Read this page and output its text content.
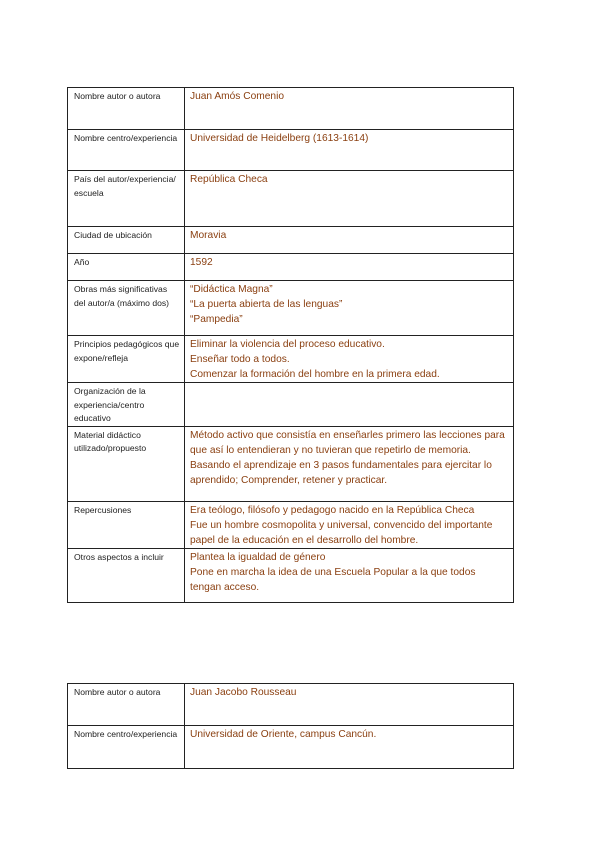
Nombre autor o autora	Juan Amós Comenio

Nombre centro/experiencia	Universidad de Heidelberg (1613-1614)

País del autor/experiencia/ escuela	República Checa

Ciudad de ubicación	Moravia

Año	1592

Obras más significativas del autor/a (máximo dos)	“Didáctica Magna”
“La puerta abierta de las lenguas”
“Pampedia”

Principios pedagógicos que expone/refleja	Eliminar la violencia del proceso educativo.
Enseñar todo a todos.
Comenzar la formación del hombre en la primera edad.

Organización de la experiencia/centro educativo	

Material didáctico utilizado/propuesto	Método activo que consistía en enseñarles primero las lecciones para que así lo entendieran y no tuvieran que repetirlo de memoria.
Basando el aprendizaje en 3 pasos fundamentales para ejercitar lo aprendido; Comprender, retener y practicar.

Repercusiones	Era teólogo, filósofo y pedagogo nacido en la República Checa
Fue un hombre cosmopolita y universal, convencido del importante papel de la educación en el desarrollo del hombre.

Otros aspectos a incluir	Plantea la igualdad de género
Pone en marcha la idea de una Escuela Popular a la que todos tengan acceso.
Nombre autor o autora	Juan Jacobo Rousseau

Nombre centro/experiencia	Universidad de Oriente, campus Cancún.
